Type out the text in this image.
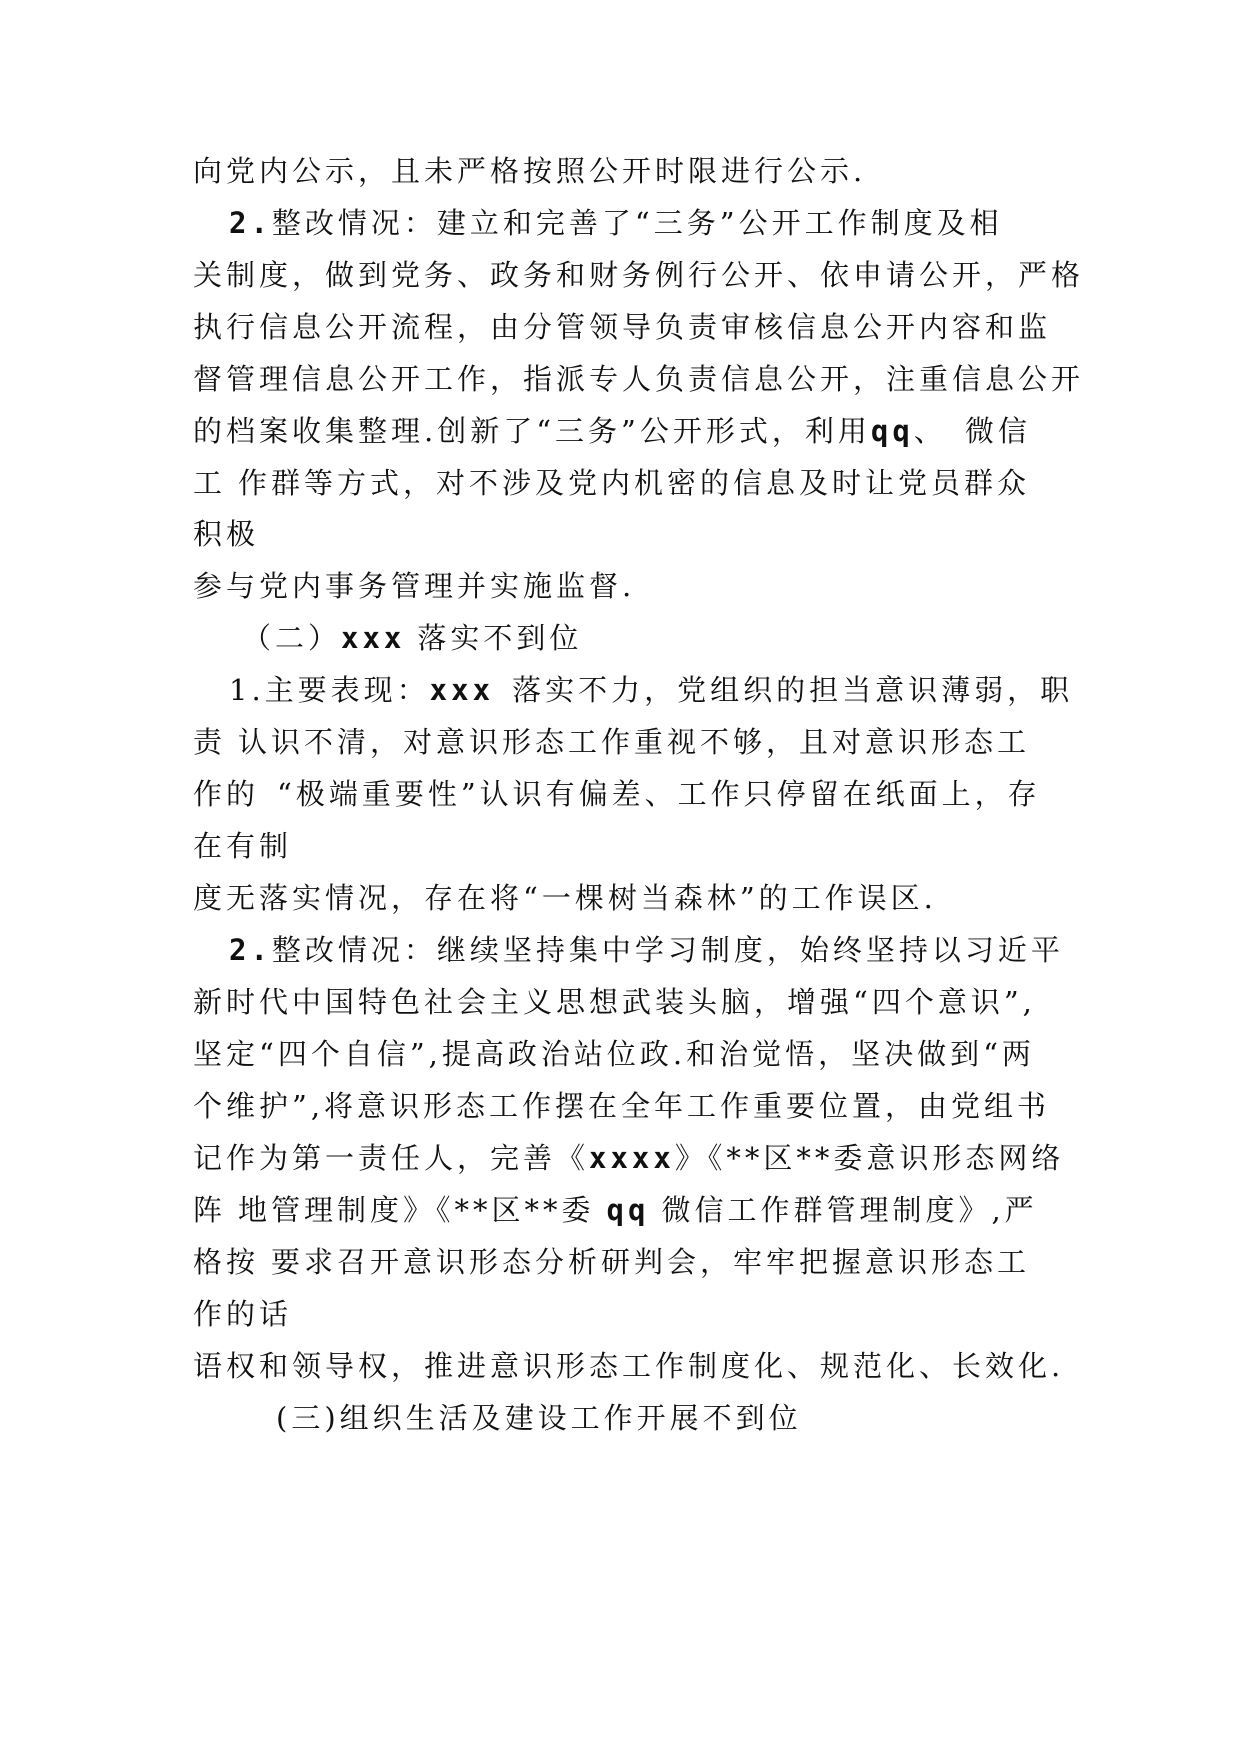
向党内公示，且未严格按照公开时限进行公示.
2.整改情况：建立和完善了“三务”公开工作制度及相
关制度，做到党务、政务和财务例行公开、依申请公开，严格
执行信息公开流程，由分管领导负责审核信息公开内容和监
督管理信息公开工作，指派专人负责信息公开，注重信息公开
的档案收集整理.创新了“三务”公开形式，利用qq、 微信
工 作群等方式，对不涉及党内机密的信息及时让党员群众
积极
参与党内事务管理并实施监督.
（二）xxx 落实不到位
1.主要表现：xxx 落实不力，党组织的担当意识薄弱，职
责 认识不清，对意识形态工作重视不够，且对意识形态工
作的 “极端重要性”认识有偏差、工作只停留在纸面上，存
在有制
度无落实情况，存在将“一棵树当森林”的工作误区.
2.整改情况：继续坚持集中学习制度，始终坚持以习近平
新时代中国特色社会主义思想武装头脑，增强“四个意识”,
坚定“四个自信”,提高政治站位政.和治觉悟，坚决做到“两
个维护”,将意识形态工作摆在全年工作重要位置，由党组书
记作为第一责任人，完善《xxxx》《**区**委意识形态网络
阵 地管理制度》《**区**委 qq 微信工作群管理制度》,严
格按 要求召开意识形态分析研判会，牢牢把握意识形态工
作的话
语权和领导权，推进意识形态工作制度化、规范化、长效化.
(三)组织生活及建设工作开展不到位
